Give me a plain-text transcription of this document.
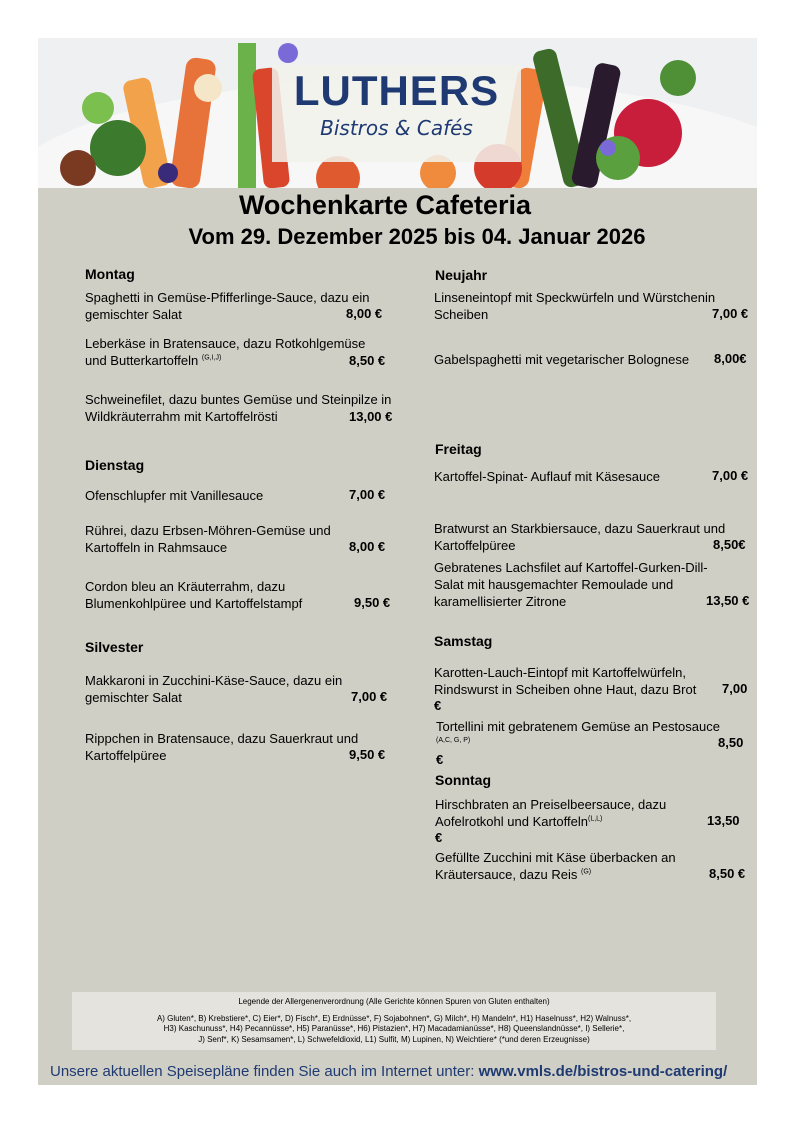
LUTHERS
Bistros & Cafés
Wochenkarte Cafeteria
Vom 29. Dezember 2025 bis 04. Januar 2026
Montag
Spaghetti in Gemüse-Pfifferlinge-Sauce, dazu ein gemischter Salat	8,00 €
Leberkäse in Bratensauce, dazu Rotkohlgemüse und Butterkartoffeln $^{(G,I,J)}$	8,50 €
Schweinefilet, dazu buntes Gemüse und Steinpilze in Wildkräuterrahm mit Kartoffelrösti	13,00 €
Dienstag
Ofenschlupfer mit Vanillesauce	7,00 €
Rührei, dazu Erbsen-Möhren-Gemüse und Kartoffeln in Rahmsauce	8,00 €
Cordon bleu an Kräuterrahm, dazu Blumenkohlpüree und Kartoffelstampf	9,50 €
Silvester
Makkaroni in Zucchini-Käse-Sauce, dazu ein gemischter Salat	7,00 €
Rippchen in Bratensauce, dazu Sauerkraut und Kartoffelpüree	9,50 €
Neujahr
Linseneintopf mit Speckwürfeln und Würstchenin Scheiben	7,00 €
Gabelspaghetti mit vegetarischer Bolognese	8,00€
Freitag
Kartoffel-Spinat- Auflauf mit Käsesauce	7,00 €
Bratwurst an Starkbiersauce, dazu Sauerkraut und Kartoffelpüree	8,50€
Gebratenes Lachsfilet auf Kartoffel-Gurken-Dill-Salat mit hausgemachter Remoulade und karamellisierter Zitrone	13,50 €
Samstag
Karotten-Lauch-Eintopf mit Kartoffelwürfeln, Rindswurst in Scheiben ohne Haut, dazu Brot	7,00
€
Tortellini mit gebratenem Gemüse an Pestosauce
(A,C, G, P)	8,50
€
Sonntag
Hirschbraten an Preiselbeersauce, dazu Aofelrotkohl und Kartoffeln$^{(L,L)}$	13,50
€
Gefüllte Zucchini mit Käse überbacken an Kräutersauce, dazu Reis $^{(G)}$	8,50 €
Legende der Allergenenverordnung (Alle Gerichte können Spuren von Gluten enthalten)
A) Gluten*, B) Krebstiere*, C) Eier*, D) Fisch*, E) Erdnüsse*, F) Sojabohnen*, G) Milch*, H) Mandeln*, H1) Haselnuss*, H2) Walnuss*,
H3) Kaschunuss*, H4) Pecannüsse*, H5) Paranüsse*, H6) Pistazien*, H7) Macadamianüsse*, H8) Queenslandnüsse*, I) Sellerie*,
J) Senf*, K) Sesamsamen*, L) Schwefeldioxid, L1) Sulfit, M) Lupinen, N) Weichtiere* (*und deren Erzeugnisse)
Unsere aktuellen Speisepläne finden Sie auch im Internet unter: www.vmls.de/bistros-und-catering/
